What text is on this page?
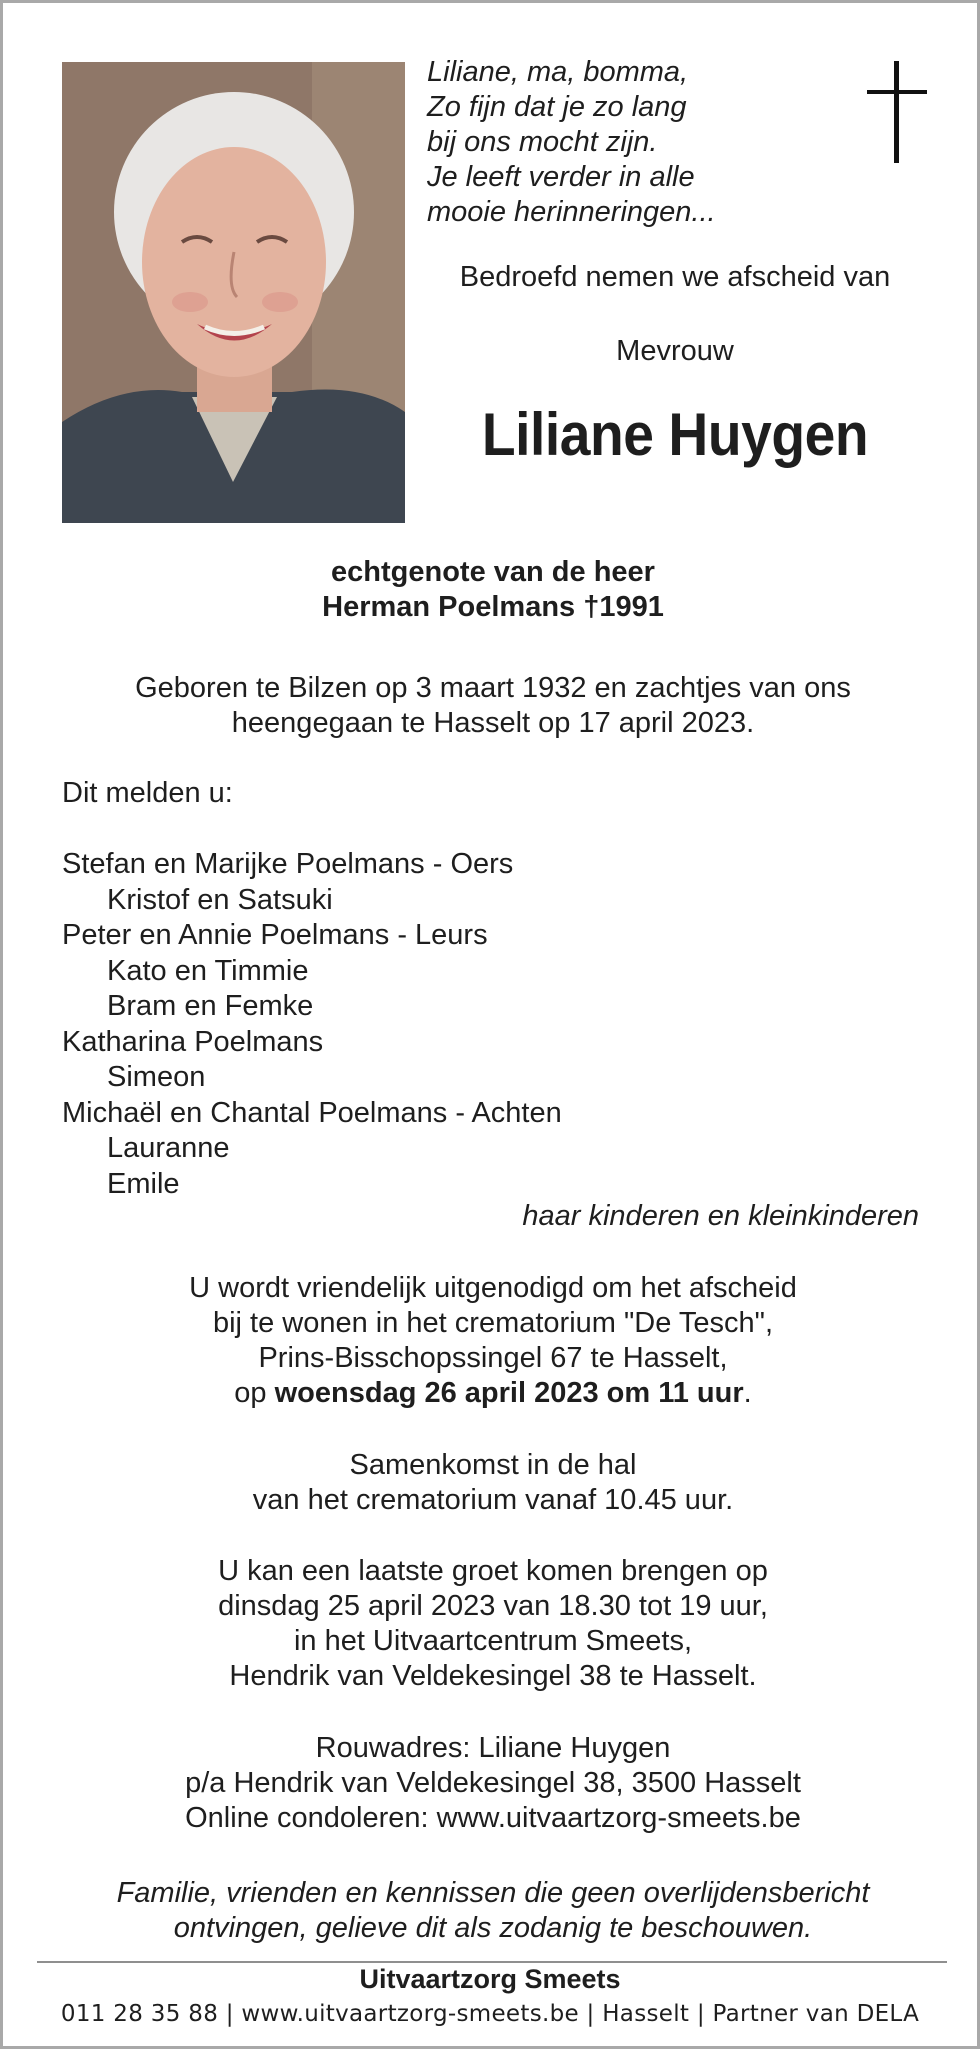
Liliane, ma, bomma,
Zo fijn dat je zo lang
bij ons mocht zijn.
Je leeft verder in alle
mooie herinneringen...
Bedroefd nemen we afscheid van
Mevrouw
Liliane Huygen
echtgenote van de heer
Herman Poelmans †1991
Geboren te Bilzen op 3 maart 1932 en zachtjes van ons
heengegaan te Hasselt op 17 april 2023.
Dit melden u:
Stefan en Marijke Poelmans - Oers
Kristof en Satsuki
Peter en Annie Poelmans - Leurs
Kato en Timmie
Bram en Femke
Katharina Poelmans
Simeon
Michaël en Chantal Poelmans - Achten
Lauranne
Emile
haar kinderen en kleinkinderen
U wordt vriendelijk uitgenodigd om het afscheid
bij te wonen in het crematorium "De Tesch",
Prins-Bisschopssingel 67 te Hasselt,
op woensdag 26 april 2023 om 11 uur.
Samenkomst in de hal
van het crematorium vanaf 10.45 uur.
U kan een laatste groet komen brengen op
dinsdag 25 april 2023 van 18.30 tot 19 uur,
in het Uitvaartcentrum Smeets,
Hendrik van Veldekesingel 38 te Hasselt.
Rouwadres: Liliane Huygen
p/a Hendrik van Veldekesingel 38, 3500 Hasselt
Online condoleren: www.uitvaartzorg-smeets.be
Familie, vrienden en kennissen die geen overlijdensbericht
ontvingen, gelieve dit als zodanig te beschouwen.
Uitvaartzorg Smeets
011 28 35 88 | www.uitvaartzorg-smeets.be | Hasselt | Partner van DELA
